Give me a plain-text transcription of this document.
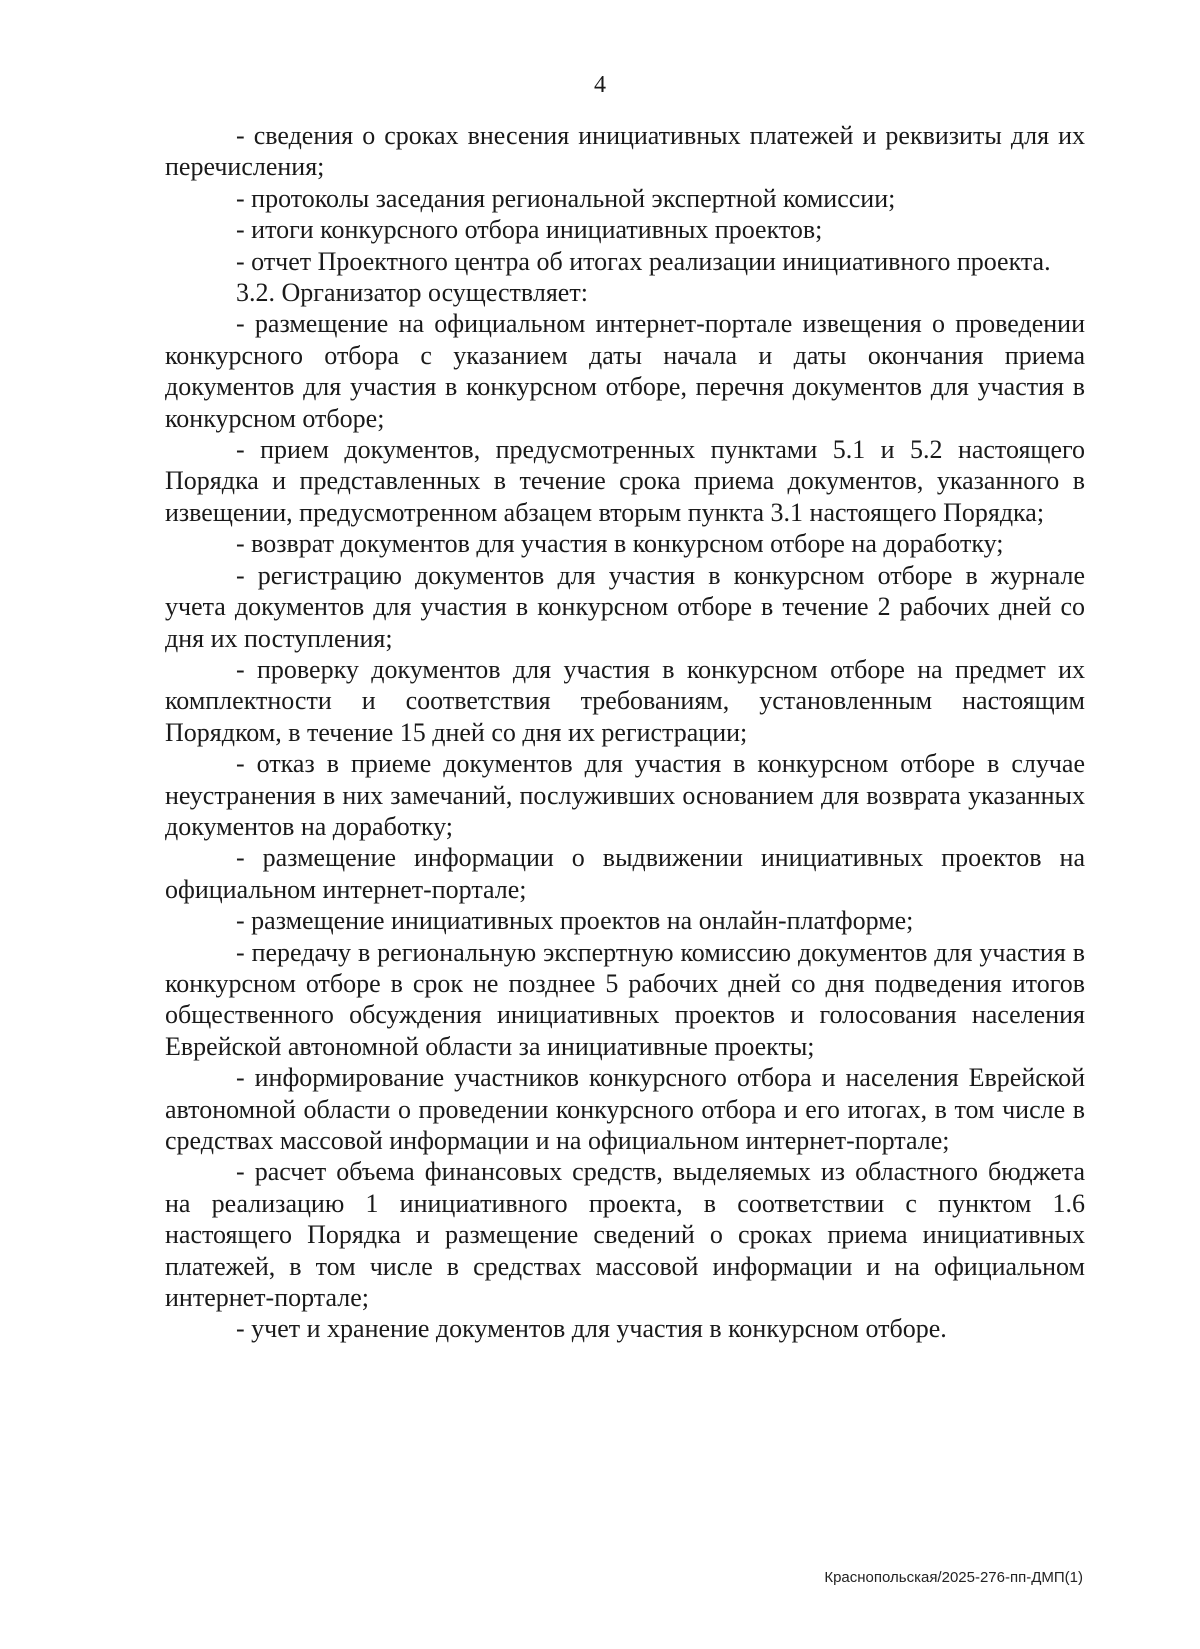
4

- сведения о сроках внесения инициативных платежей и реквизиты для их перечисления;

- протоколы заседания региональной экспертной комиссии;

- итоги конкурсного отбора инициативных проектов;

- отчет Проектного центра об итогах реализации инициативного проекта.

3.2. Организатор осуществляет:

- размещение на официальном интернет-портале извещения о проведении конкурсного отбора с указанием даты начала и даты окончания приема документов для участия в конкурсном отборе, перечня документов для участия в конкурсном отборе;

- прием документов, предусмотренных пунктами 5.1 и 5.2 настоящего Порядка и представленных в течение срока приема документов, указанного в извещении, предусмотренном абзацем вторым пункта 3.1 настоящего Порядка;

- возврат документов для участия в конкурсном отборе на доработку;

- регистрацию документов для участия в конкурсном отборе в журнале учета документов для участия в конкурсном отборе в течение 2 рабочих дней со дня их поступления;

- проверку документов для участия в конкурсном отборе на предмет их комплектности и соответствия требованиям, установленным настоящим Порядком, в течение 15 дней со дня их регистрации;

- отказ в приеме документов для участия в конкурсном отборе в случае неустранения в них замечаний, послуживших основанием для возврата указанных документов на доработку;

- размещение информации о выдвижении инициативных проектов на официальном интернет-портале;

- размещение инициативных проектов на онлайн-платформе;

- передачу в региональную экспертную комиссию документов для участия в конкурсном отборе в срок не позднее 5 рабочих дней со дня подведения итогов общественного обсуждения инициативных проектов и голосования населения Еврейской автономной области за инициативные проекты;

- информирование участников конкурсного отбора и населения Еврейской автономной области о проведении конкурсного отбора и его итогах, в том числе в средствах массовой информации и на официальном интернет-портале;

- расчет объема финансовых средств, выделяемых из областного бюджета на реализацию 1 инициативного проекта, в соответствии с пунктом 1.6 настоящего Порядка и размещение сведений о сроках приема инициативных платежей, в том числе в средствах массовой информации и на официальном интернет-портале;

- учет и хранение документов для участия в конкурсном отборе.

Краснопольская/2025-276-пп-ДМП(1)
